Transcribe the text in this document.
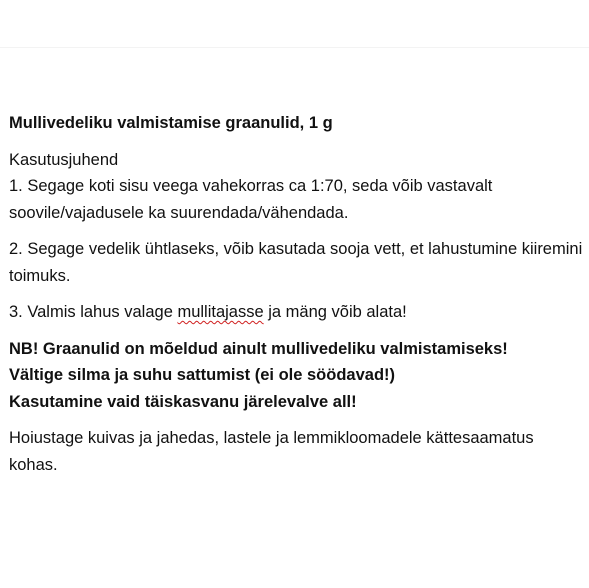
Mullivedeliku valmistamise graanulid, 1 g
Kasutusjuhend
1. Segage koti sisu veega vahekorras ca 1:70, seda võib vastavalt soovile/vajadusele ka suurendada/vähendada.
2. Segage vedelik ühtlaseks, võib kasutada sooja vett, et lahustumine kiiremini toimuks.
3. Valmis lahus valage mullitajasse ja mäng võib alata!
NB! Graanulid on mõeldud ainult mullivedeliku valmistamiseks!
Vältige silma ja suhu sattumist (ei ole söödavad!)
Kasutamine vaid täiskasvanu järelevalve all!
Hoiustage kuivas ja jahedas, lastele ja lemmikloomadele kättesaamatus kohas.
